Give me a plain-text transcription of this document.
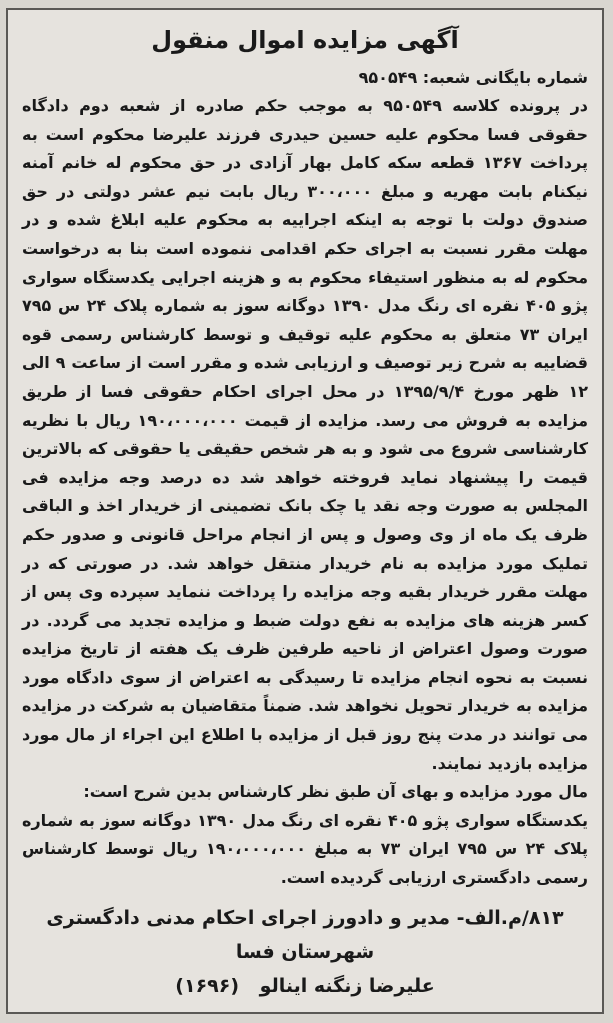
آگهی مزایده اموال منقول
شماره بایگانی شعبه: ۹۵۰۵۴۹

در پرونده کلاسه ۹۵۰۵۴۹ به موجب حکم صادره از شعبه دوم دادگاه حقوقی فسا محکوم علیه حسین حیدری فرزند علیرضا محکوم است به پرداخت ۱۳۶۷ قطعه سکه کامل بهار آزادی در حق محکوم له خانم آمنه نیکنام بابت مهریه و مبلغ ۳۰۰،۰۰۰ ریال بابت نیم عشر دولتی در حق صندوق دولت با توجه به اینکه اجراییه به محکوم علیه ابلاغ شده و در مهلت مقرر نسبت به اجرای حکم اقدامی ننموده است بنا به درخواست محکوم له به منظور استیفاء محکوم به و هزینه اجرایی یکدستگاه سواری پژو ۴۰۵ نقره ای رنگ مدل ۱۳۹۰ دوگانه سوز به شماره پلاک ۲۴ س ۷۹۵ ایران ۷۳ متعلق به محکوم علیه توقیف و توسط کارشناس رسمی قوه قضاییه به شرح زیر توصیف و ارزیابی شده و مقرر است از ساعت ۹ الی ۱۲ ظهر مورخ ۱۳۹۵/۹/۴ در محل اجرای احکام حقوقی فسا از طریق مزایده به فروش می رسد. مزایده از قیمت ۱۹۰،۰۰۰،۰۰۰ ریال با نظریه کارشناسی شروع می شود و به هر شخص حقیقی یا حقوقی که بالاترین قیمت را پیشنهاد نماید فروخته خواهد شد ده درصد وجه مزایده فی المجلس به صورت وجه نقد یا چک بانک تضمینی از خریدار اخذ و الباقی ظرف یک ماه از وی وصول و پس از انجام مراحل قانونی و صدور حکم تملیک مورد مزایده به نام خریدار منتقل خواهد شد. در صورتی که در مهلت مقرر خریدار بقیه وجه مزایده را پرداخت ننماید سپرده وی پس از کسر هزینه های مزایده به نفع دولت ضبط و مزایده تجدید می گردد. در صورت وصول اعتراض از ناحیه طرفین ظرف یک هفته از تاریخ مزایده نسبت به نحوه انجام مزایده تا رسیدگی به اعتراض از سوی دادگاه مورد مزایده به خریدار تحویل نخواهد شد. ضمناً متقاضیان به شرکت در مزایده می توانند در مدت پنج روز قبل از مزایده با اطلاع این اجراء از مال مورد مزایده بازدید نمایند.

مال مورد مزایده و بهای آن طبق نظر کارشناس بدین شرح است:

یکدستگاه سواری پژو ۴۰۵ نقره ای رنگ مدل ۱۳۹۰ دوگانه سوز به شماره پلاک ۲۴ س ۷۹۵ ایران ۷۳ به مبلغ ۱۹۰،۰۰۰،۰۰۰ ریال توسط کارشناس رسمی دادگستری ارزیابی گردیده است.

۸۱۳/م.الف- مدیر و دادورز اجرای احکام مدنی دادگستری شهرستان فسا
علیرضا زنگنه اینالو (۱۶۹۶)
